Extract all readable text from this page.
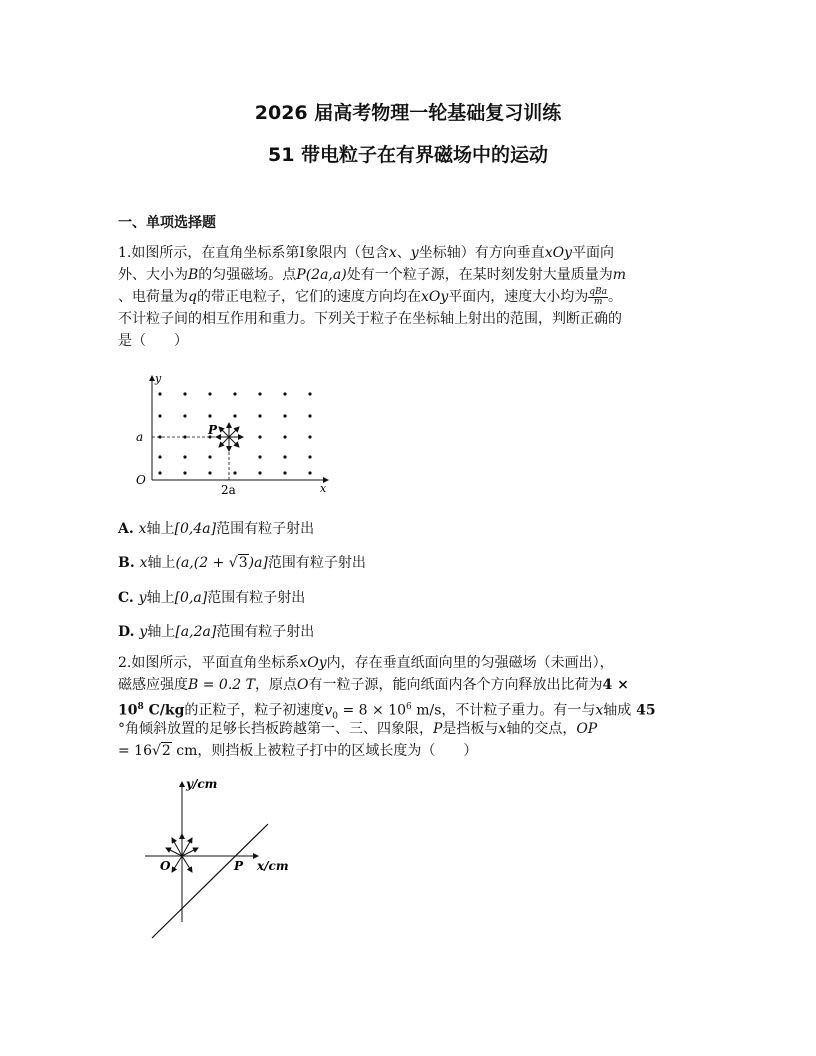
2026 届高考物理一轮基础复习训练
51 带电粒子在有界磁场中的运动
一、单项选择题
1.如图所示，在直角坐标系第Ⅰ象限内（包含x、y坐标轴）有方向垂直xOy平面向
外、大小为B的匀强磁场。点P(2a,a)处有一个粒子源，在某时刻发射大量质量为m
、电荷量为q的带正电粒子，它们的速度方向均在xOy平面内，速度大小均为 $\frac{\text{qBa}}{m}$ 。
不计粒子间的相互作用和重力。下列关于粒子在坐标轴上射出的范围，判断正确的
是（　　）
y
a	P
O
2a	x
A. x轴上[0,4a]范围有粒子射出
B. x轴上(a,(2 + √3)a]范围有粒子射出
C. y轴上[0,a]范围有粒子射出
D. y轴上[a,2a]范围有粒子射出
2.如图所示，平面直角坐标系xOy内，存在垂直纸面向里的匀强磁场（未画出），
磁感应强度B = 0.2 T，原点O有一粒子源，能向纸面内各个方向释放出比荷为4 ×
$10^8$ C/kg的正粒子，粒子初速度$v_0 = 8 \times 10^6$ m/s，不计粒子重力。有一与x轴成 45
°角倾斜放置的足够长挡板跨越第一、三、四象限，P是挡板与x轴的交点，OP
= 16√2 cm，则挡板上被粒子打中的区域长度为（　　）
y/cm
O	P x/cm
